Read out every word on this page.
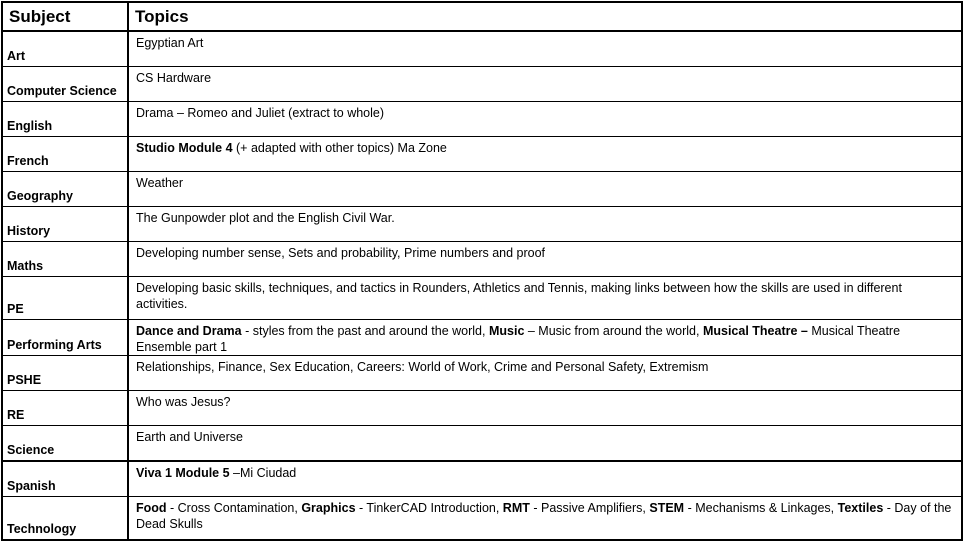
Subject	Topics

Art	Egyptian Art

Computer Science	CS Hardware

English	Drama – Romeo and Juliet (extract to whole)

French	Studio Module 4 (+ adapted with other topics) Ma Zone

Geography	Weather

History	The Gunpowder plot and the English Civil War.

Maths	Developing number sense, Sets and probability, Prime numbers and proof

PE	Developing basic skills, techniques, and tactics in Rounders, Athletics and Tennis, making links between how the skills are used in different activities.

Performing Arts	Dance and Drama - styles from the past and around the world, Music – Music from around the world, Musical Theatre – Musical Theatre Ensemble part 1

PSHE	Relationships, Finance, Sex Education, Careers: World of Work, Crime and Personal Safety, Extremism

RE	Who was Jesus?

Science	Earth and Universe

Spanish	Viva 1 Module 5 –Mi Ciudad

Technology	Food - Cross Contamination, Graphics - TinkerCAD Introduction, RMT - Passive Amplifiers, STEM - Mechanisms & Linkages, Textiles - Day of the Dead Skulls
